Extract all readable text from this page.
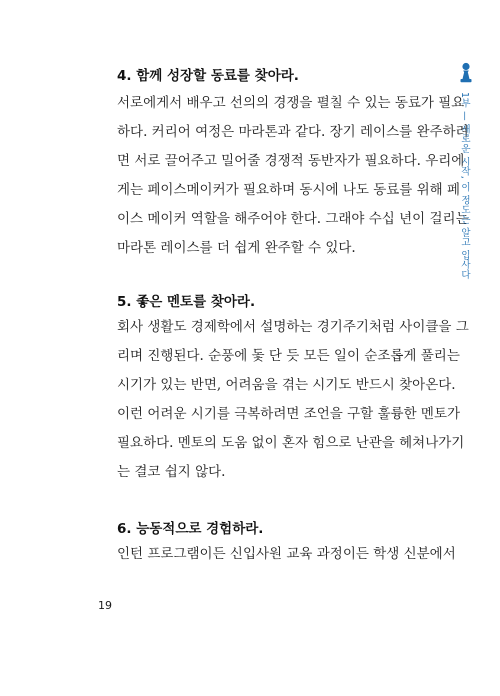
4. 함께 성장할 동료를 찾아라.
서로에게서 배우고 선의의 경쟁을 펼칠 수 있는 동료가 필요
하다. 커리어 여정은 마라톤과 같다. 장기 레이스를 완주하려
면 서로 끌어주고 밀어줄 경쟁적 동반자가 필요하다. 우리에
게는 페이스메이커가 필요하며 동시에 나도 동료를 위해 페
이스 메이커 역할을 해주어야 한다. 그래야 수십 년이 걸리는
마라톤 레이스를 더 쉽게 완주할 수 있다.
5. 좋은 멘토를 찾아라.
회사 생활도 경제학에서 설명하는 경기주기처럼 사이클을 그
리며 진행된다. 순풍에 돛 단 듯 모든 일이 순조롭게 풀리는
시기가 있는 반면, 어려움을 겪는 시기도 반드시 찾아온다.
이런 어려운 시기를 극복하려면 조언을 구할 훌륭한 멘토가
필요하다. 멘토의 도움 없이 혼자 힘으로 난관을 헤쳐나가기
는 결코 쉽지 않다.
6. 능동적으로 경험하라.
인턴 프로그램이든 신입사원 교육 과정이든 학생 신분에서
19
1부 — 새로운 시작, 이 정도는 알고 입사다
